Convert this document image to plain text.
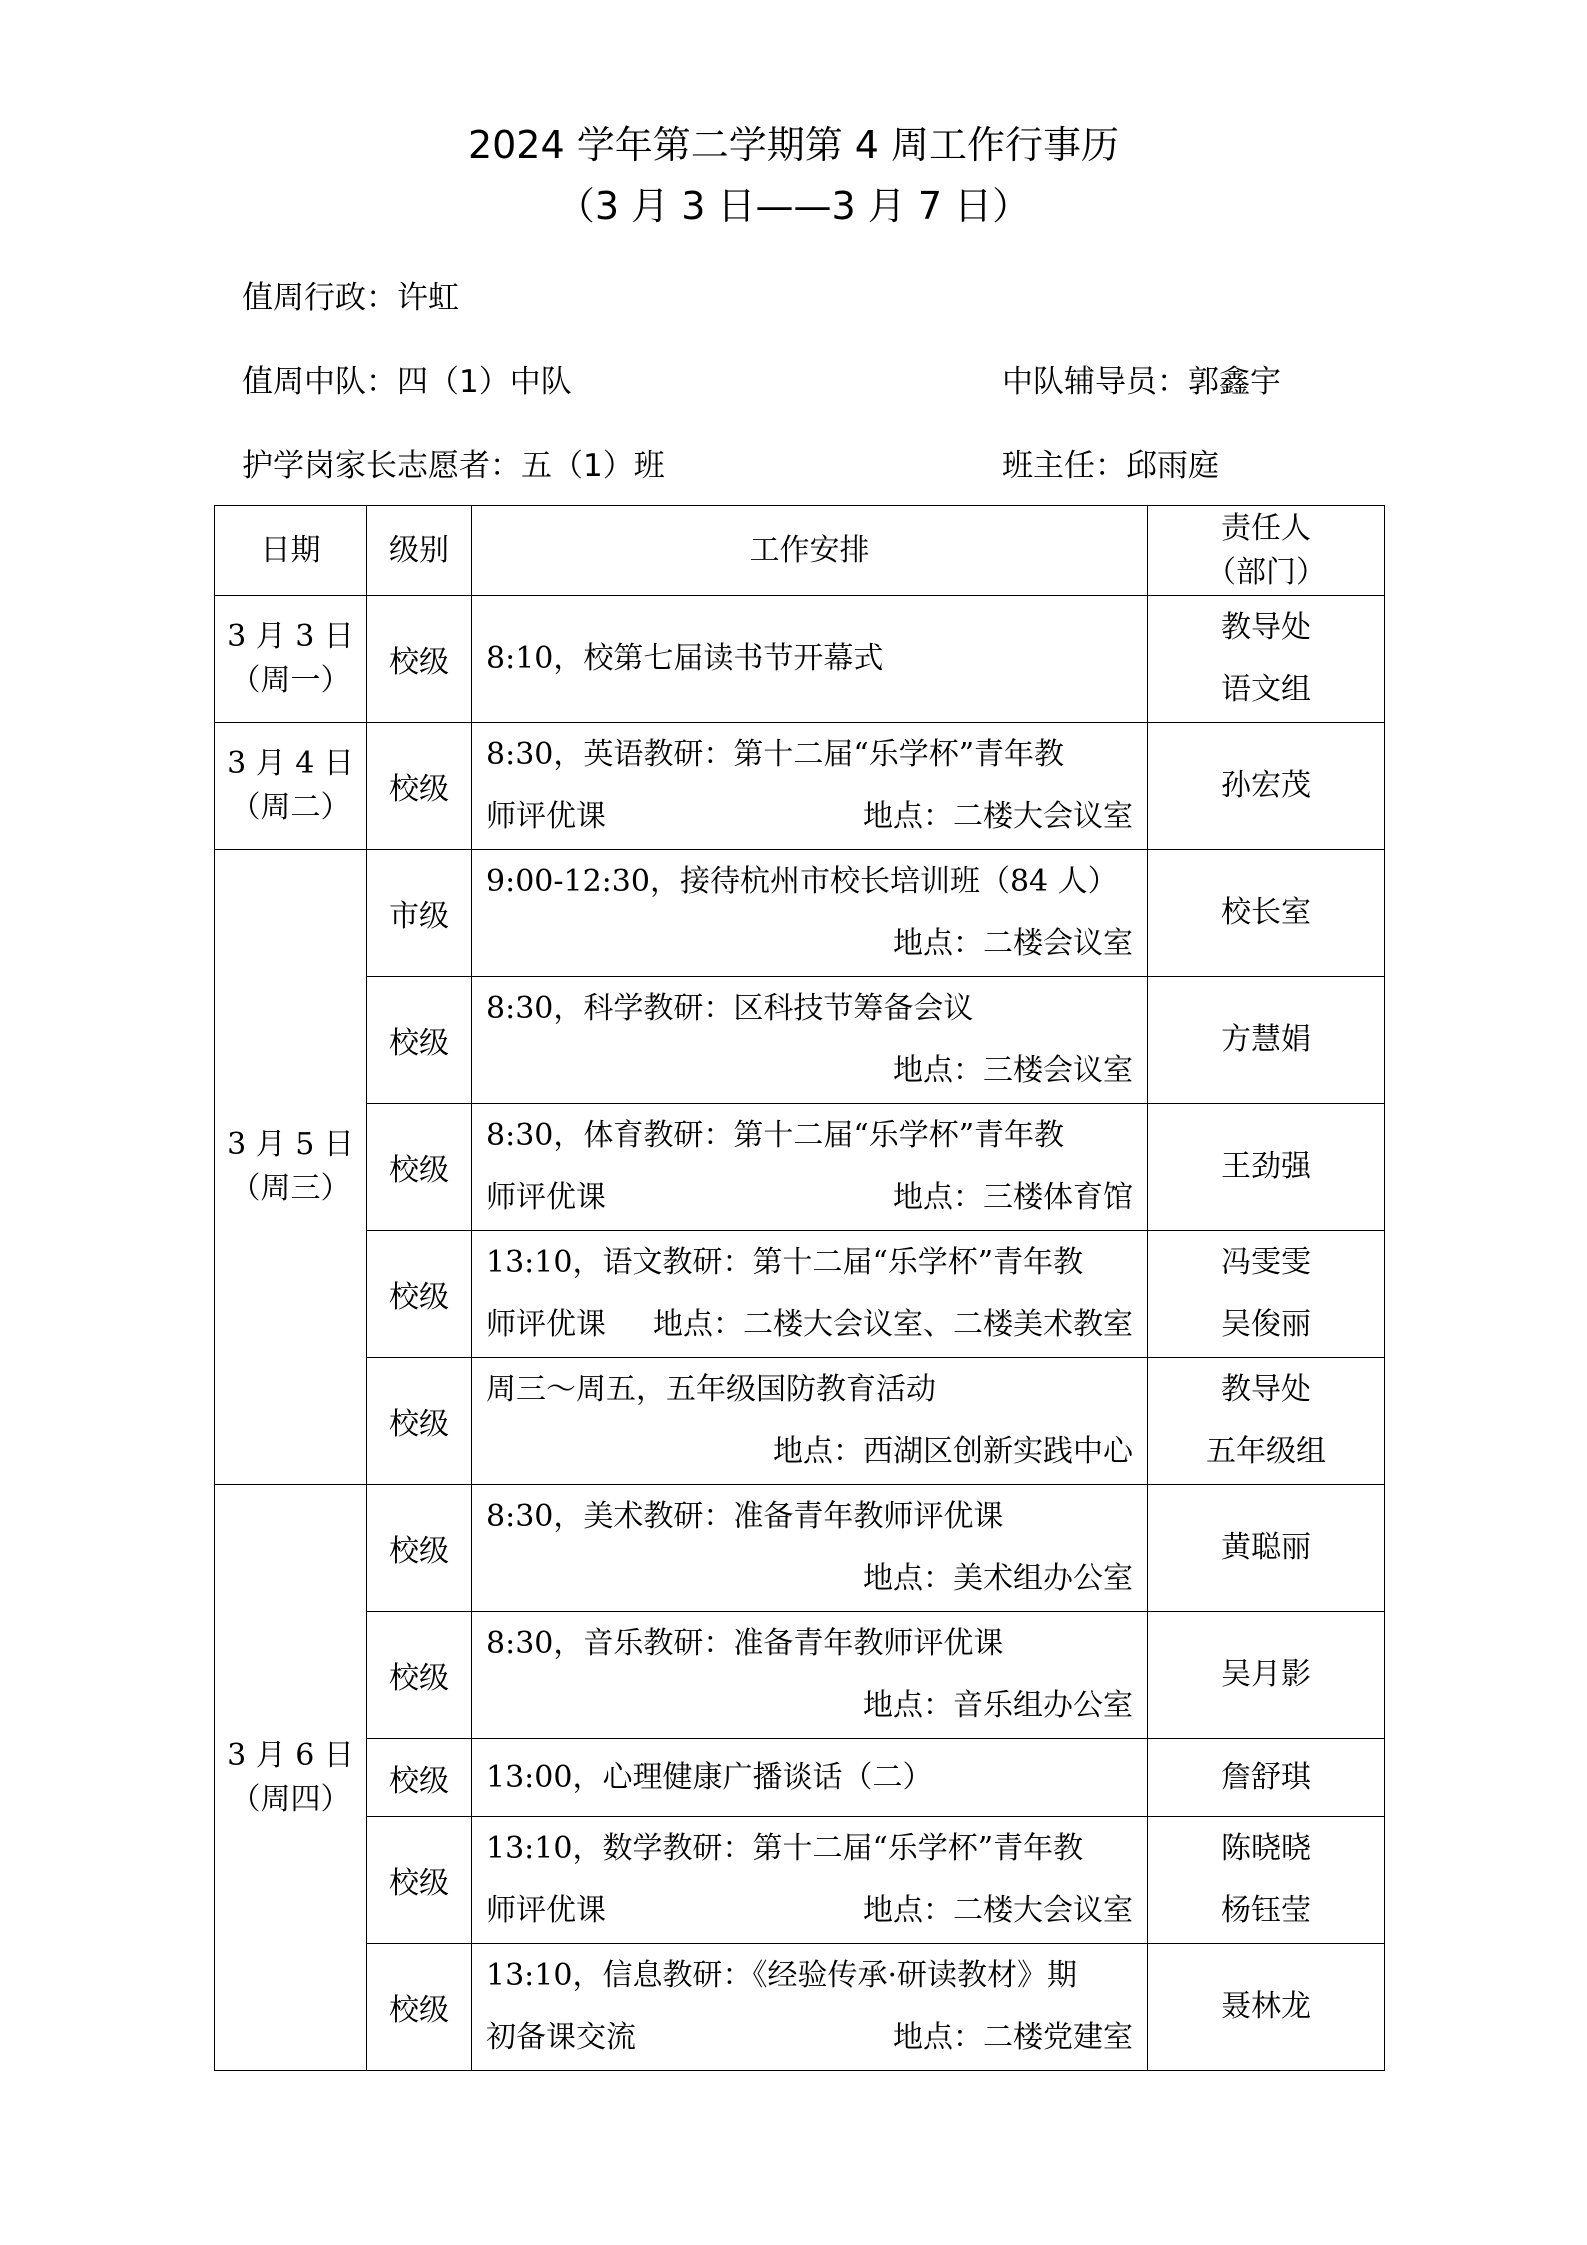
2024 学年第二学期第 4 周工作行事历
（3 月 3 日——3 月 7 日）
值周行政：许虹
值周中队：四（1）中队	中队辅导员：郭鑫宇
护学岗家长志愿者：五（1）班	班主任：邱雨庭
日期	级别	工作安排	责任人
（部门）

3 月 3 日
（周一）	校级	8:10，校第七届读书节开幕式	教导处
语文组

3 月 4 日
（周二）	校级	8:30，英语教研：第十二届“乐学杯”青年教
师评优课 地点：二楼大会议室	孙宏茂

3 月 5 日
（周三）	市级	9:00-12:30，接待杭州市校长培训班（84 人）
地点：二楼会议室	校长室

	校级	8:30，科学教研：区科技节筹备会议
地点：三楼会议室	方慧娟

	校级	8:30，体育教研：第十二届“乐学杯”青年教
师评优课 地点：三楼体育馆	王劲强

	校级	13:10，语文教研：第十二届“乐学杯”青年教
师评优课 地点：二楼大会议室、二楼美术教室	冯雯雯
吴俊丽

	校级	周三～周五，五年级国防教育活动
地点：西湖区创新实践中心	教导处
五年级组

3 月 6 日
（周四）	校级	8:30，美术教研：准备青年教师评优课
地点：美术组办公室	黄聪丽

	校级	8:30，音乐教研：准备青年教师评优课
地点：音乐组办公室	吴月影

	校级	13:00，心理健康广播谈话（二）	詹舒琪

	校级	13:10，数学教研：第十二届“乐学杯”青年教
师评优课 地点：二楼大会议室	陈晓晓
杨钰莹

	校级	13:10，信息教研：《经验传承·研读教材》期
初备课交流 地点：二楼党建室	聂林龙
